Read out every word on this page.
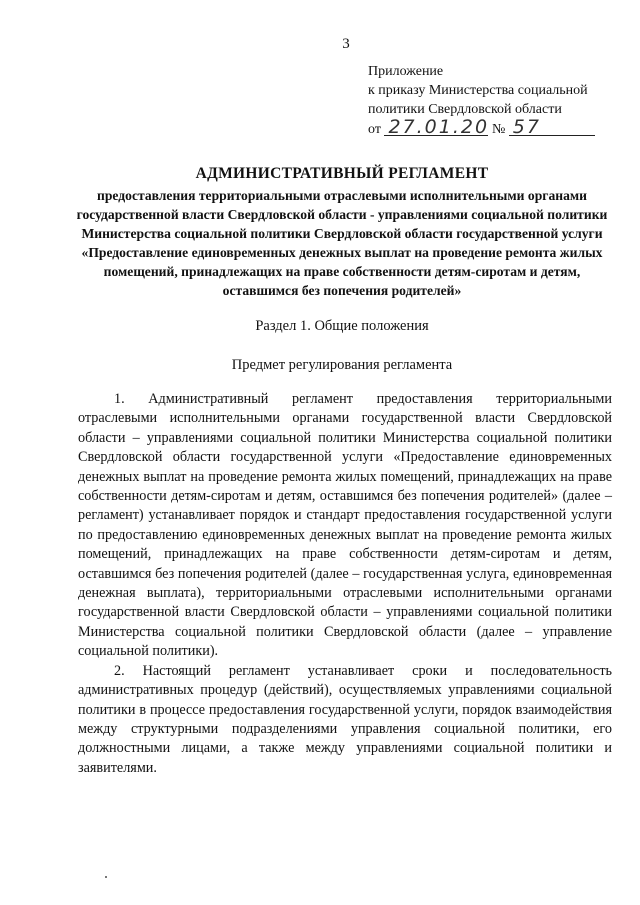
3
Приложение
к приказу Министерства социальной
политики Свердловской области
от 27.01.20 № 57
АДМИНИСТРАТИВНЫЙ РЕГЛАМЕНТ
предоставления территориальными отраслевыми исполнительными органами государственной власти Свердловской области - управлениями социальной политики Министерства социальной политики Свердловской области государственной услуги «Предоставление единовременных денежных выплат на проведение ремонта жилых помещений, принадлежащих на праве собственности детям-сиротам и детям, оставшимся без попечения родителей»
Раздел 1. Общие положения
Предмет регулирования регламента

1. Административный регламент предоставления территориальными отраслевыми исполнительными органами государственной власти Свердловской области – управлениями социальной политики Министерства социальной политики Свердловской области государственной услуги «Предоставление единовременных денежных выплат на проведение ремонта жилых помещений, принадлежащих на праве собственности детям-сиротам и детям, оставшимся без попечения родителей» (далее – регламент) устанавливает порядок и стандарт предоставления государственной услуги по предоставлению единовременных денежных выплат на проведение ремонта жилых помещений, принадлежащих на праве собственности детям-сиротам и детям, оставшимся без попечения родителей (далее – государственная услуга, единовременная денежная выплата), территориальными отраслевыми исполнительными органами государственной власти Свердловской области – управлениями социальной политики Министерства социальной политики Свердловской области (далее – управление социальной политики).

2. Настоящий регламент устанавливает сроки и последовательность административных процедур (действий), осуществляемых управлениями социальной политики в процессе предоставления государственной услуги, порядок взаимодействия между структурными подразделениями управления социальной политики, его должностными лицами, а также между управлениями социальной политики и заявителями.
